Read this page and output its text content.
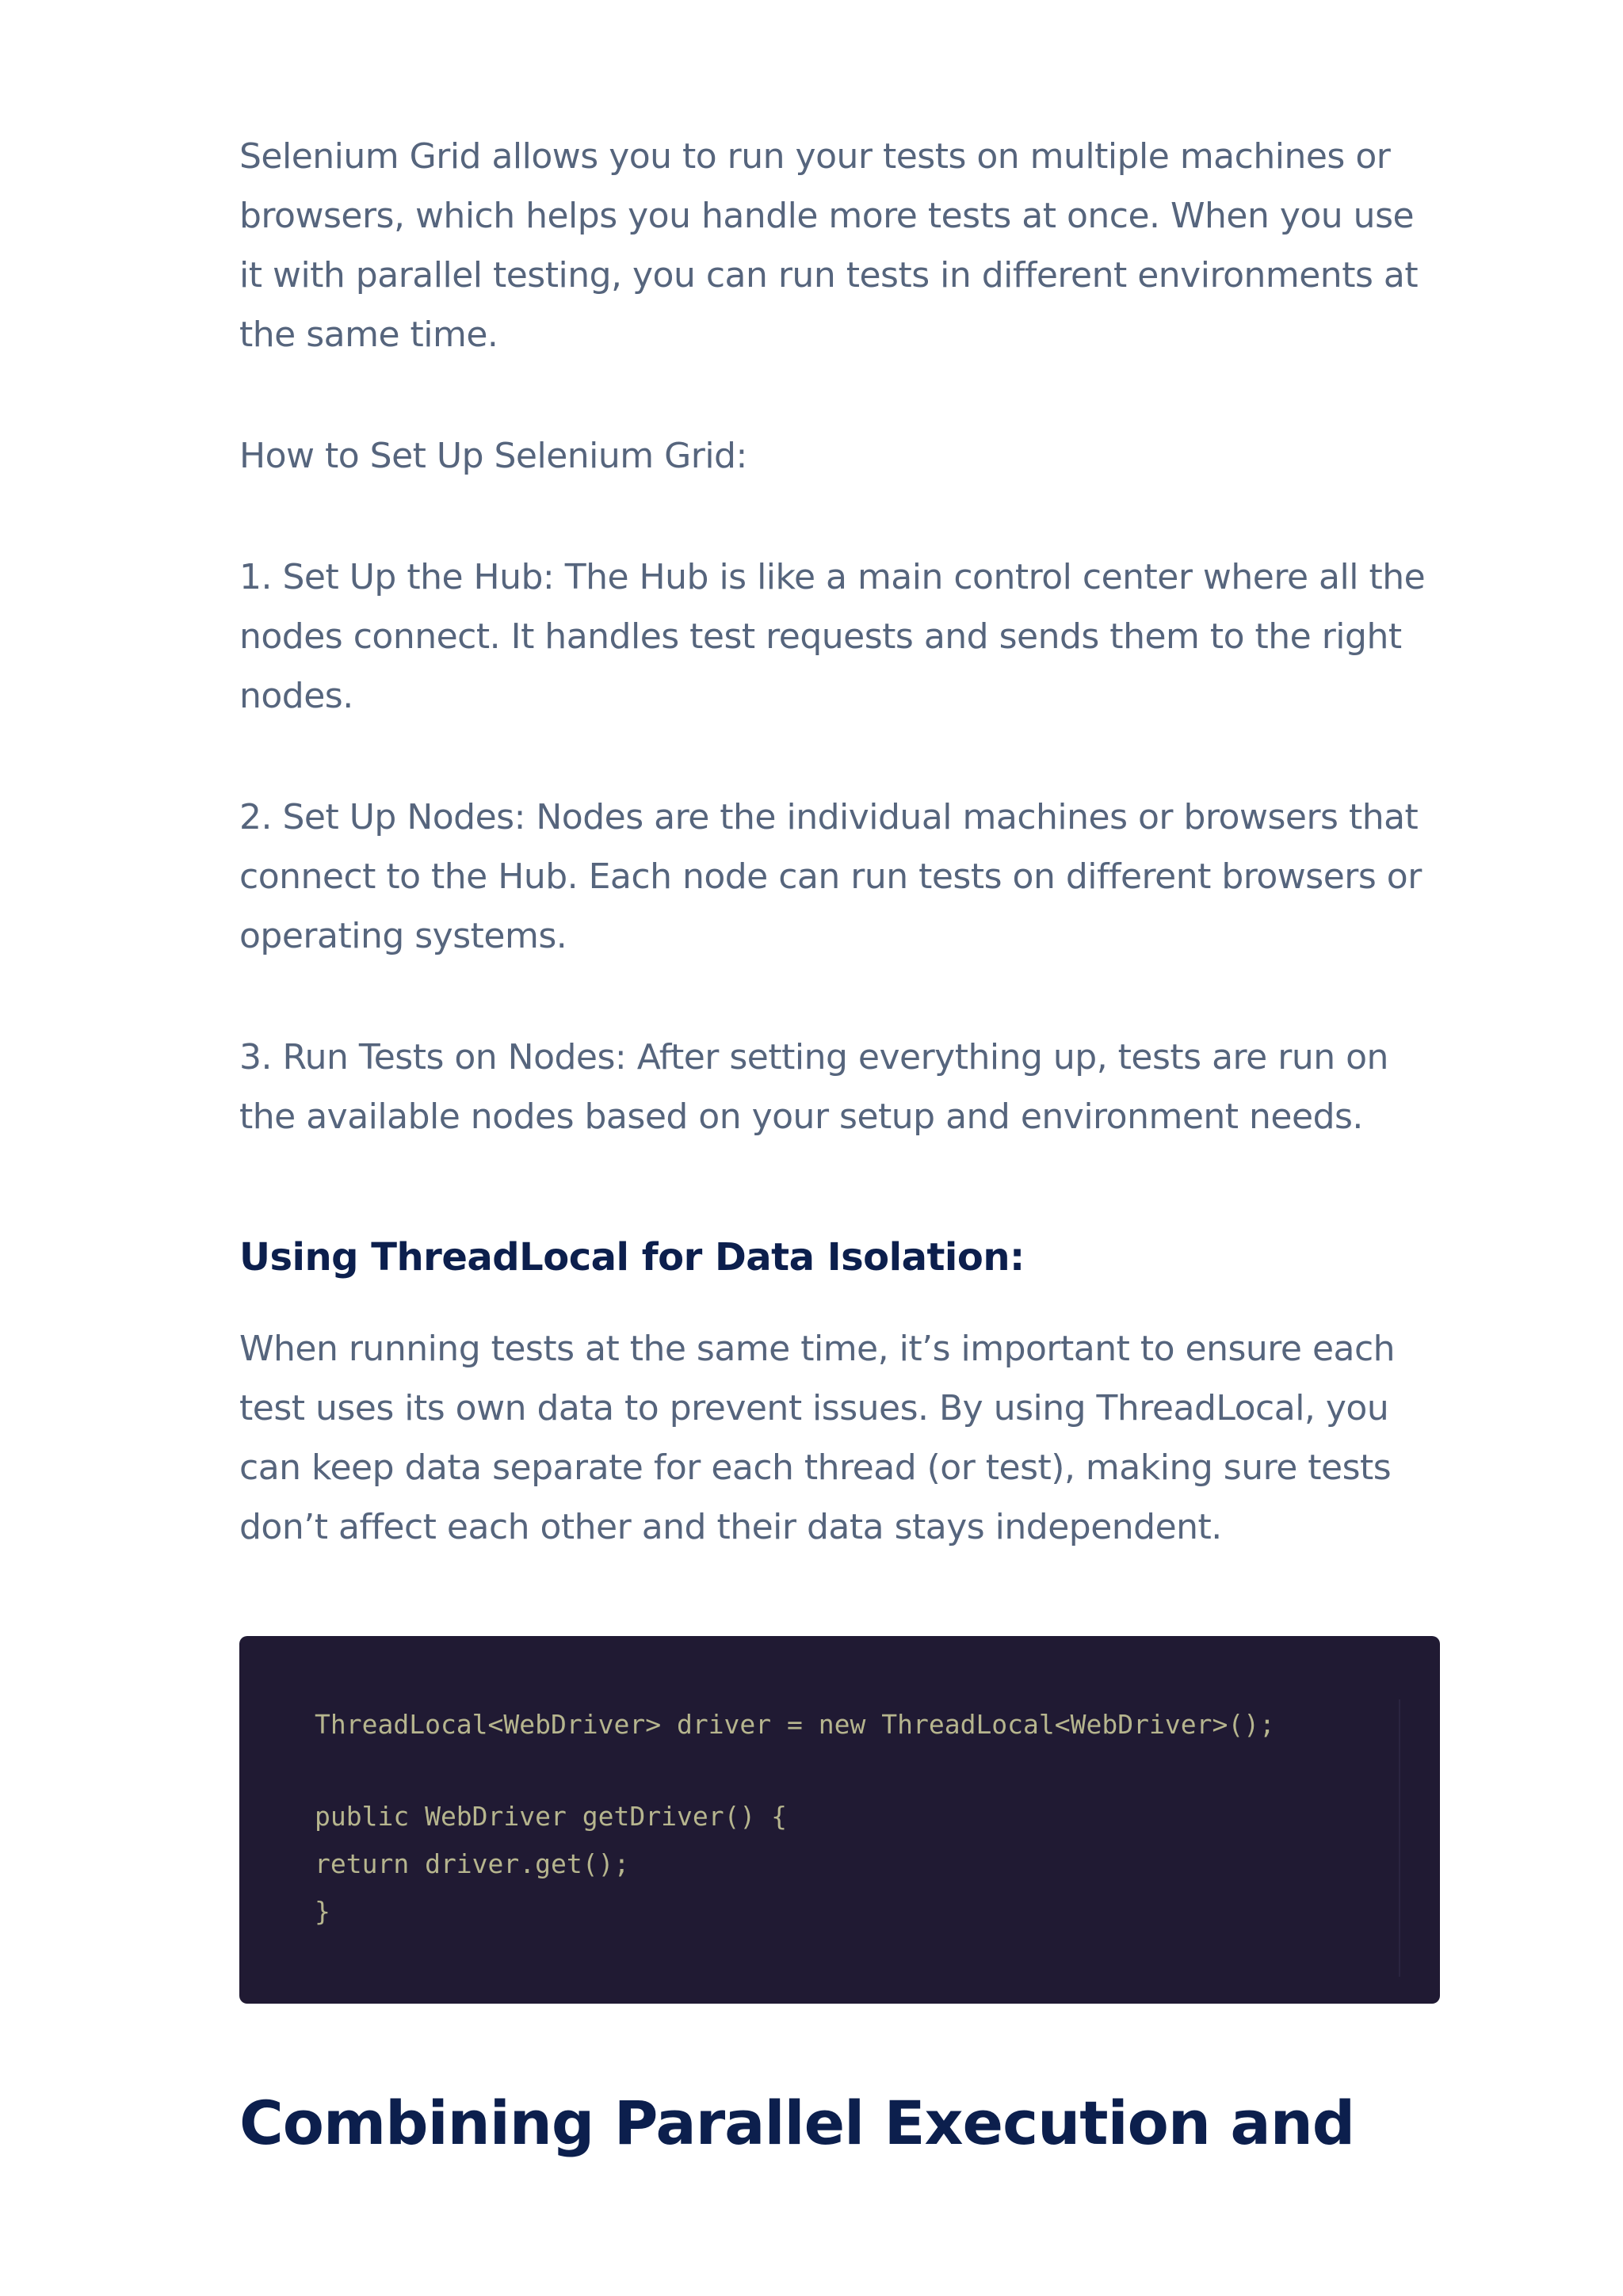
Selenium Grid allows you to run your tests on multiple machines or browsers, which helps you handle more tests at once. When you use it with parallel testing, you can run tests in different environments at the same time.

How to Set Up Selenium Grid:

1. Set Up the Hub: The Hub is like a main control center where all the nodes connect. It handles test requests and sends them to the right nodes.

2. Set Up Nodes: Nodes are the individual machines or browsers that connect to the Hub. Each node can run tests on different browsers or operating systems.

3. Run Tests on Nodes: After setting everything up, tests are run on the available nodes based on your setup and environment needs.

Using ThreadLocal for Data Isolation:

When running tests at the same time, it’s important to ensure each test uses its own data to prevent issues. By using ThreadLocal, you can keep data separate for each thread (or test), making sure tests don’t affect each other and their data stays independent.

ThreadLocal<WebDriver> driver = new ThreadLocal<WebDriver>();
public WebDriver getDriver() {
return driver.get();
}
Combining Parallel Execution and
